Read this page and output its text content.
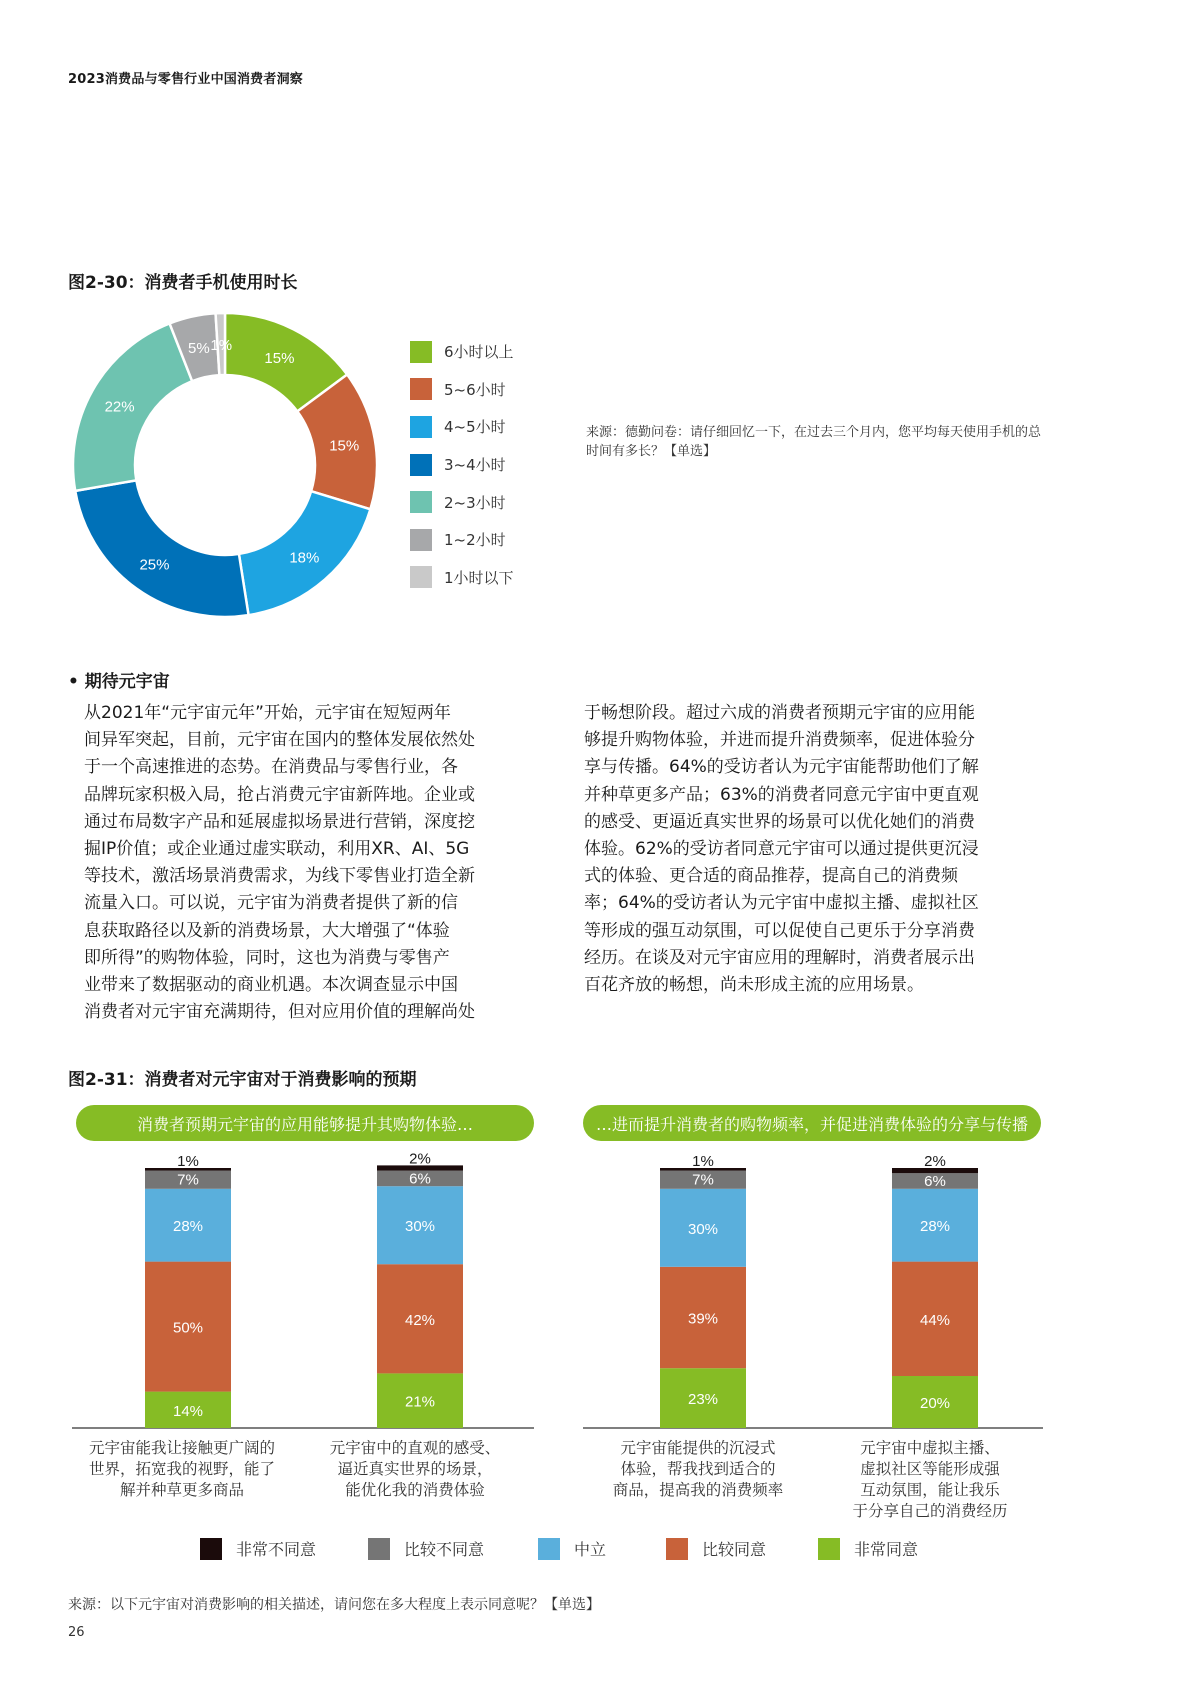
2023消费品与零售行业中国消费者洞察
图2-30：消费者手机使用时长
15%
15%
18%
25%
22%
5% 1%	6小时以上
5~6小时
4~5小时
3~4小时
2~3小时
1~2小时
1小时以下
来源：德勤问卷：请仔细回忆一下，在过去三个月内，您平均每天使用手机的总时间有多长？【单选】
• 期待元宇宙
从2021年“元宇宙元年”开始，元宇宙在短短两年
间异军突起，目前，元宇宙在国内的整体发展依然处
于一个高速推进的态势。在消费品与零售行业，各
品牌玩家积极入局，抢占消费元宇宙新阵地。企业或
通过布局数字产品和延展虚拟场景进行营销，深度挖
掘IP价值；或企业通过虚实联动，利用XR、AI、5G
等技术，激活场景消费需求，为线下零售业打造全新
流量入口。可以说，元宇宙为消费者提供了新的信
息获取路径以及新的消费场景，大大增强了“体验
即所得”的购物体验，同时，这也为消费与零售产
业带来了数据驱动的商业机遇。本次调查显示中国
消费者对元宇宙充满期待，但对应用价值的理解尚处
于畅想阶段。超过六成的消费者预期元宇宙的应用能
够提升购物体验，并进而提升消费频率，促进体验分
享与传播。64%的受访者认为元宇宙能帮助他们了解
并种草更多产品；63%的消费者同意元宇宙中更直观
的感受、更逼近真实世界的场景可以优化她们的消费
体验。62%的受访者同意元宇宙可以通过提供更沉浸
式的体验、更合适的商品推荐，提高自己的消费频
率；64%的受访者认为元宇宙中虚拟主播、虚拟社区
等形成的强互动氛围，可以促使自己更乐于分享消费
经历。在谈及对元宇宙应用的理解时，消费者展示出
百花齐放的畅想，尚未形成主流的应用场景。
图2-31：消费者对元宇宙对于消费影响的预期
消费者预期元宇宙的应用能够提升其购物体验…	…进而提升消费者的购物频率，并促进消费体验的分享与传播
14%
50%
28%
7%
1%
21%
42%
30%
6%
2%
23%
39%
30%
7%
1%
20%
44%
28%
6%
2%
元宇宙能我让接触更广阔的
世界，拓宽我的视野，能了
解并种草更多商品
元宇宙中的直观的感受、
逼近真实世界的场景，
能优化我的消费体验
元宇宙能提供的沉浸式
体验，帮我找到适合的
商品，提高我的消费频率
元宇宙中虚拟主播、
虚拟社区等能形成强
互动氛围，能让我乐
于分享自己的消费经历
非常不同意	比较不同意	中立	比较同意	非常同意
来源：以下元宇宙对消费影响的相关描述，请问您在多大程度上表示同意呢？【单选】
26
